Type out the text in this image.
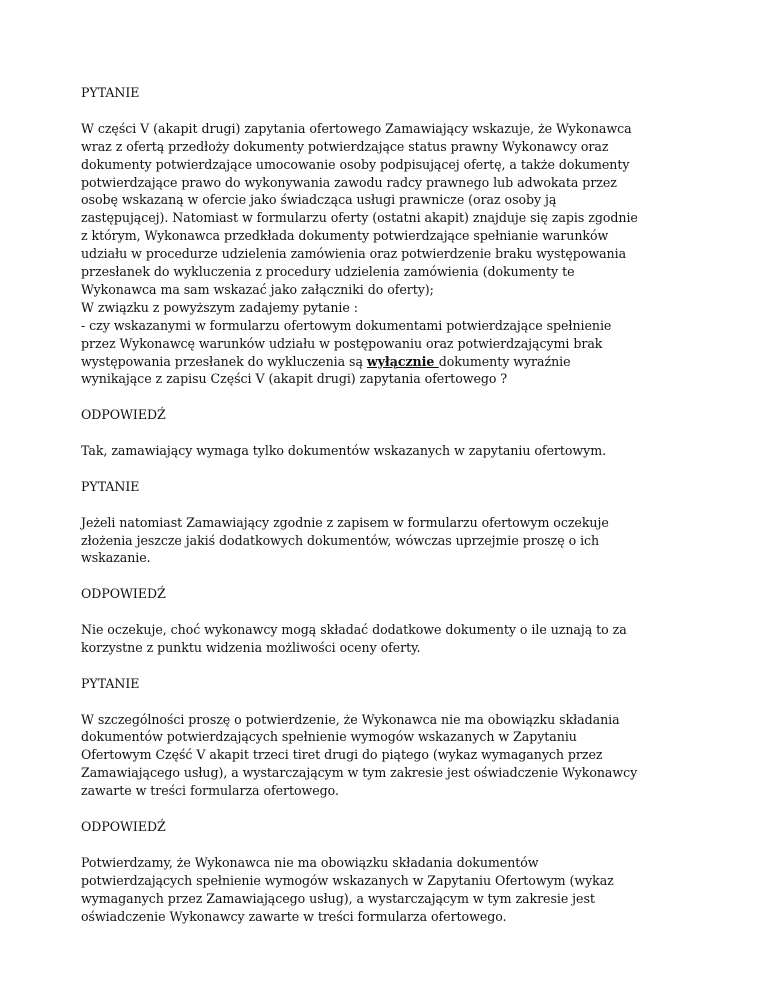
PYTANIE

W części V (akapit drugi) zapytania ofertowego Zamawiający wskazuje, że Wykonawca
wraz z ofertą przedłoży dokumenty potwierdzające status prawny Wykonawcy oraz
dokumenty potwierdzające umocowanie osoby podpisującej ofertę, a także dokumenty
potwierdzające prawo do wykonywania zawodu radcy prawnego lub adwokata przez
osobę wskazaną w ofercie jako świadcząca usługi prawnicze (oraz osoby ją
zastępującej). Natomiast w formularzu oferty (ostatni akapit) znajduje się zapis zgodnie
z którym, Wykonawca przedkłada dokumenty potwierdzające spełnianie warunków
udziału w procedurze udzielenia zamówienia oraz potwierdzenie braku występowania
przesłanek do wykluczenia z procedury udzielenia zamówienia (dokumenty te
Wykonawca ma sam wskazać jako załączniki do oferty);
W związku z powyższym zadajemy pytanie :
- czy wskazanymi w formularzu ofertowym dokumentami potwierdzające spełnienie
przez Wykonawcę warunków udziału w postępowaniu oraz potwierdzającymi brak
występowania przesłanek do wykluczenia są wyłącznie dokumenty wyraźnie
wynikające z zapisu Części V (akapit drugi) zapytania ofertowego ?

ODPOWIEDŹ

Tak, zamawiający wymaga tylko dokumentów wskazanych w zapytaniu ofertowym.

PYTANIE

Jeżeli natomiast Zamawiający zgodnie z zapisem w formularzu ofertowym oczekuje
złożenia jeszcze jakiś dodatkowych dokumentów, wówczas uprzejmie proszę o ich
wskazanie.

ODPOWIEDŹ

Nie oczekuje, choć wykonawcy mogą składać dodatkowe dokumenty o ile uznają to za
korzystne z punktu widzenia możliwości oceny oferty.

PYTANIE

W szczególności proszę o potwierdzenie, że Wykonawca nie ma obowiązku składania
dokumentów potwierdzających spełnienie wymogów wskazanych w Zapytaniu
Ofertowym Część V akapit trzeci tiret drugi do piątego (wykaz wymaganych przez
Zamawiającego usług), a wystarczającym w tym zakresie jest oświadczenie Wykonawcy
zawarte w treści formularza ofertowego.

ODPOWIEDŹ

Potwierdzamy, że Wykonawca nie ma obowiązku składania dokumentów
potwierdzających spełnienie wymogów wskazanych w Zapytaniu Ofertowym (wykaz
wymaganych przez Zamawiającego usług), a wystarczającym w tym zakresie jest
oświadczenie Wykonawcy zawarte w treści formularza ofertowego.
